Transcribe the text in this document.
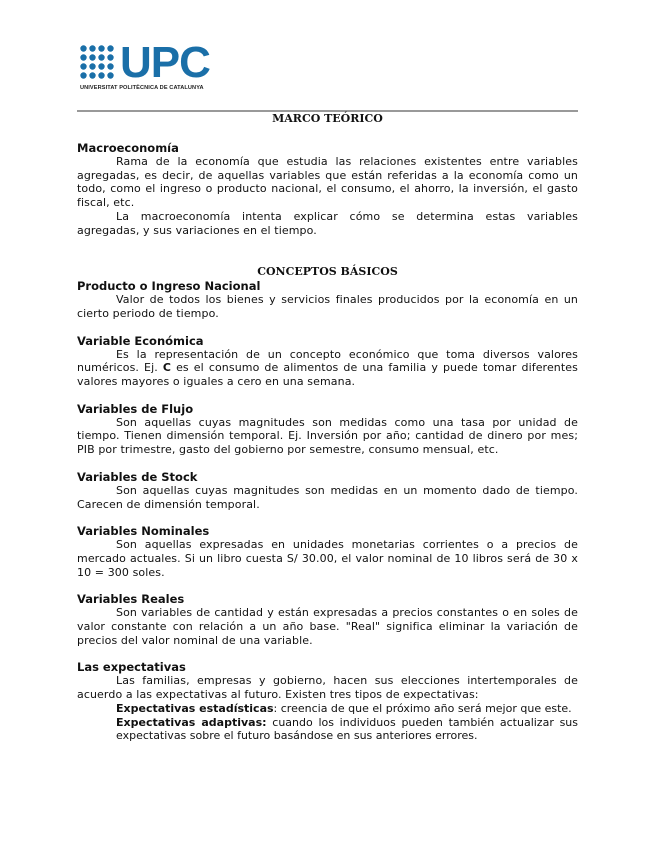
UPC
UNIVERSITAT POLITÈCNICA DE CATALUNYA

MARCO TEÓRICO

Macroeconomía

Rama de la economía que estudia las relaciones existentes entre variables agregadas, es decir, de aquellas variables que están referidas a la economía como un todo, como el ingreso o producto nacional, el consumo, el ahorro, la inversión, el gasto fiscal, etc.

La macroeconomía intenta explicar cómo se determina estas variables agregadas, y sus variaciones en el tiempo.

CONCEPTOS BÁSICOS

Producto o Ingreso Nacional

Valor de todos los bienes y servicios finales producidos por la economía en un cierto periodo de tiempo.

Variable Económica

Es la representación de un concepto económico que toma diversos valores numéricos. Ej. C es el consumo de alimentos de una familia y puede tomar diferentes valores mayores o iguales a cero en una semana.

Variables de Flujo

Son aquellas cuyas magnitudes son medidas como una tasa por unidad de tiempo. Tienen dimensión temporal. Ej. Inversión por año; cantidad de dinero por mes; PIB por trimestre, gasto del gobierno por semestre, consumo mensual, etc.

Variables de Stock

Son aquellas cuyas magnitudes son medidas en un momento dado de tiempo. Carecen de dimensión temporal.

Variables Nominales

Son aquellas expresadas en unidades monetarias corrientes o a precios de mercado actuales. Si un libro cuesta S/ 30.00, el valor nominal de 10 libros será de 30 x 10 = 300 soles.

Variables Reales

Son variables de cantidad y están expresadas a precios constantes o en soles de valor constante con relación a un año base. "Real" significa eliminar la variación de precios del valor nominal de una variable.

Las expectativas

Las familias, empresas y gobierno, hacen sus elecciones intertemporales de acuerdo a las expectativas al futuro. Existen tres tipos de expectativas:

Expectativas estadísticas: creencia de que el próximo año será mejor que este.

Expectativas adaptivas: cuando los individuos pueden también actualizar sus expectativas sobre el futuro basándose en sus anteriores errores.
